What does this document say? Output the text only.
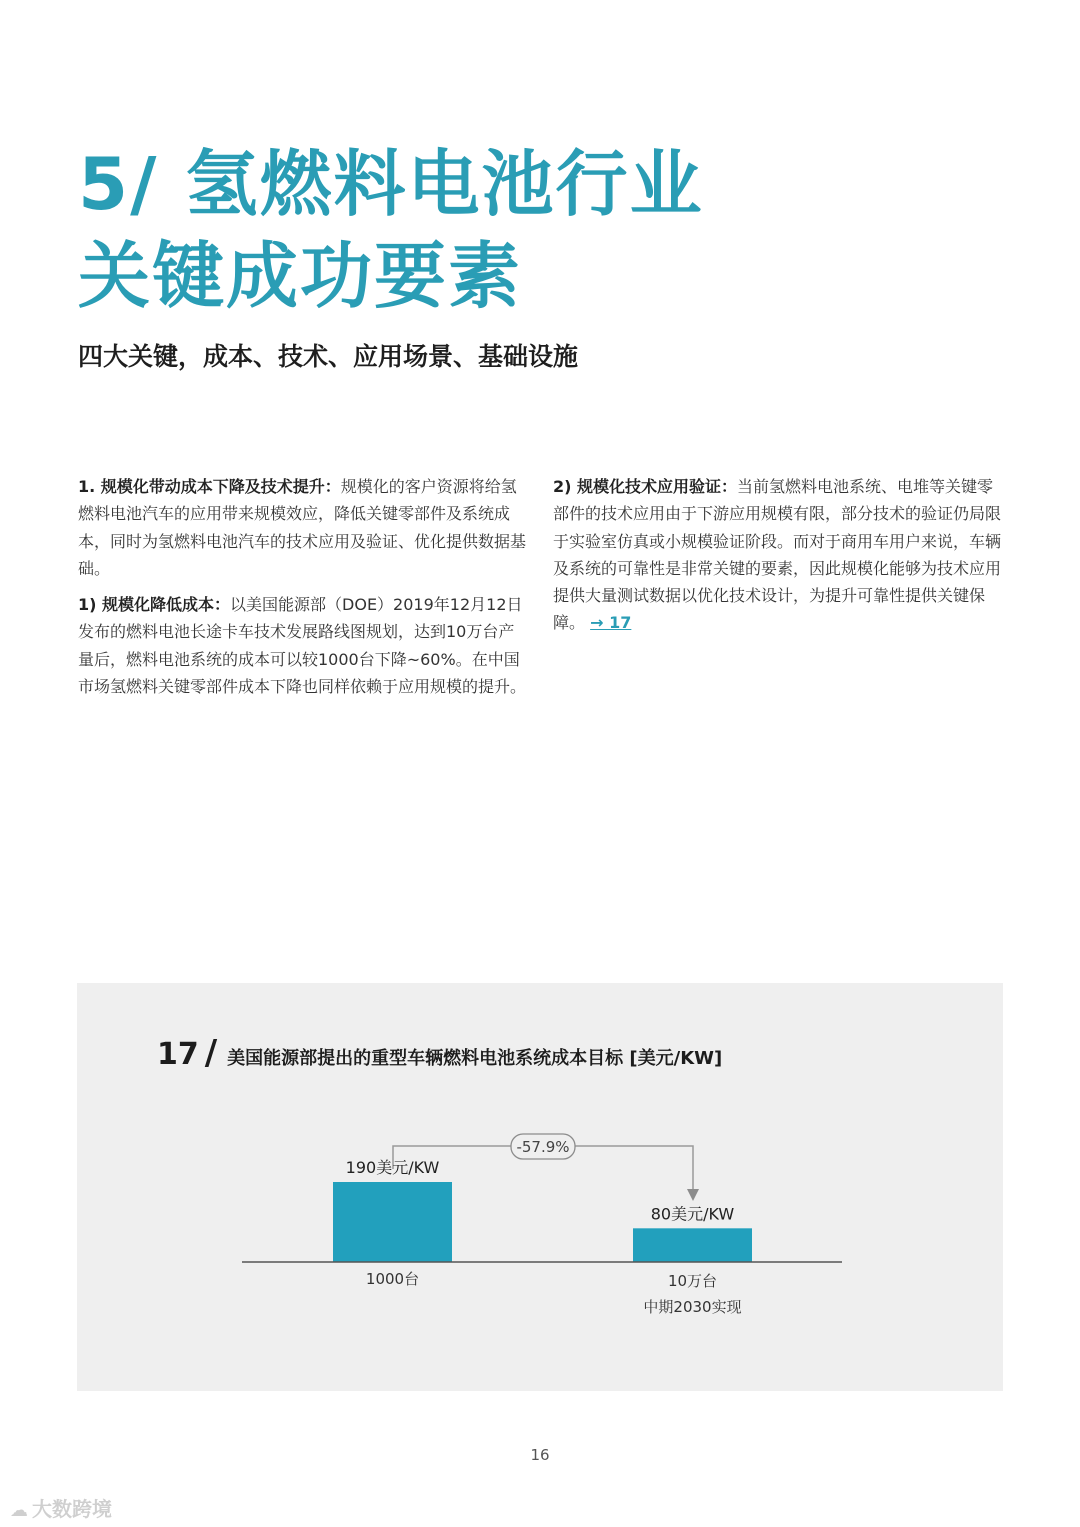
5/ 氢燃料电池行业
关键成功要素
四大关键，成本、技术、应用场景、基础设施

1. 规模化带动成本下降及技术提升：规模化的客户资源将给氢燃料电池汽车的应用带来规模效应，降低关键零部件及系统成本，同时为氢燃料电池汽车的技术应用及验证、优化提供数据基础。

1) 规模化降低成本：以美国能源部（DOE）2019年12月12日发布的燃料电池长途卡车技术发展路线图规划，达到10万台产量后，燃料电池系统的成本可以较1000台下降~60%。在中国市场氢燃料关键零部件成本下降也同样依赖于应用规模的提升。

2) 规模化技术应用验证：当前氢燃料电池系统、电堆等关键零部件的技术应用由于下游应用规模有限，部分技术的验证仍局限于实验室仿真或小规模验证阶段。而对于商用车用户来说，车辆及系统的可靠性是非常关键的要素，因此规模化能够为技术应用提供大量测试数据以优化技术设计，为提升可靠性提供关键保障。 → 17

17 / 美国能源部提出的重型车辆燃料电池系统成本目标 [美元/KW]
-57.9%
190美元/KW
80美元/KW
1000台	10万台
中期2030实现
16
☁ 大数跨境
